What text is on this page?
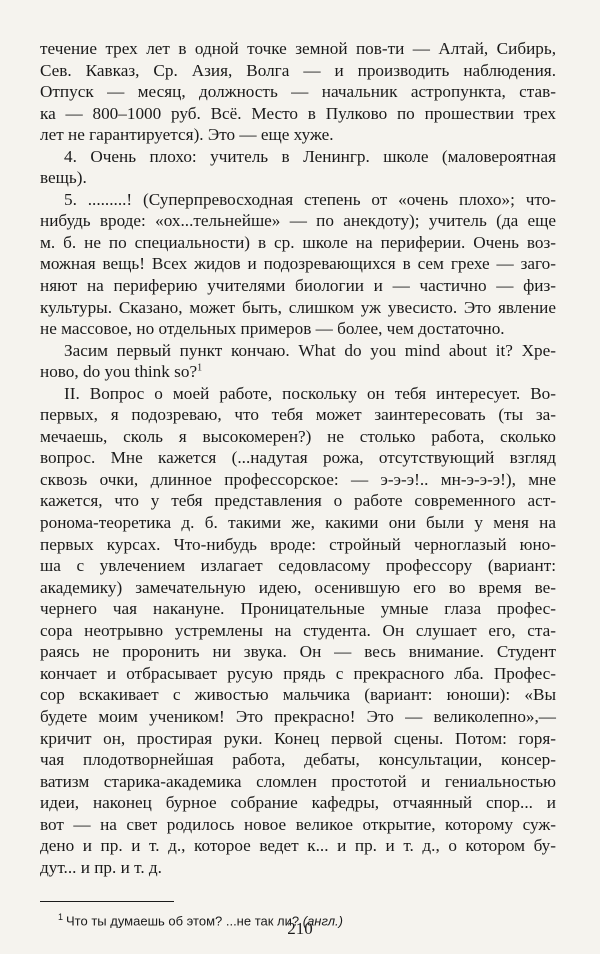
течение трех лет в одной точке земной пов-ти — Алтай, Сибирь,
Сев. Кавказ, Ср. Азия, Волга — и производить наблюдения.
Отпуск — месяц, должность — начальник астропункта, став-
ка — 800–1000 руб. Всё. Место в Пулково по прошествии трех
лет не гарантируется). Это — еще хуже.
4. Очень плохо: учитель в Ленингр. школе (маловероятная
вещь).
5. .........! (Суперпревосходная степень от «очень плохо»; что-
нибудь вроде: «ох...тельнейше» — по анекдоту); учитель (да еще
м. б. не по специальности) в ср. школе на периферии. Очень воз-
можная вещь! Всех жидов и подозревающихся в сем грехе — заго-
няют на периферию учителями биологии и — частично — физ-
культуры. Сказано, может быть, слишком уж увесисто. Это явление
не массовое, но отдельных примеров — более, чем достаточно.
Засим первый пункт кончаю. What do you mind about it? Хре-
ново, do you think so?$^1$
II. Вопрос о моей работе, поскольку он тебя интересует. Во-
первых, я подозреваю, что тебя может заинтересовать (ты за-
мечаешь, сколь я высокомерен?) не столько работа, сколько
вопрос. Мне кажется (...надутая рожа, отсутствующий взгляд
сквозь очки, длинное профессорское: — э-э-э!.. мн-э-э-э!), мне
кажется, что у тебя представления о работе современного аст-
ронома-теоретика д. б. такими же, какими они были у меня на
первых курсах. Что-нибудь вроде: стройный черноглазый юно-
ша с увлечением излагает седовласому профессору (вариант:
академику) замечательную идею, осенившую его во время ве-
чернего чая накануне. Проницательные умные глаза профес-
сора неотрывно устремлены на студента. Он слушает его, ста-
раясь не проронить ни звука. Он — весь внимание. Студент
кончает и отбрасывает русую прядь с прекрасного лба. Профес-
сор вскакивает с живостью мальчика (вариант: юноши): «Вы
будете моим учеником! Это прекрасно! Это — великолепно»,—
кричит он, простирая руки. Конец первой сцены. Потом: горя-
чая плодотворнейшая работа, дебаты, консультации, консер-
ватизм старика-академика сломлен простотой и гениальностью
идеи, наконец бурное собрание кафедры, отчаянный спор... и
вот — на свет родилось новое великое открытие, которому суж-
дено и пр. и т. д., которое ведет к... и пр. и т. д., о котором бу-
дут... и пр. и т. д.
$^1$ Что ты думаешь об этом? ...не так ли? (англ.)
210
